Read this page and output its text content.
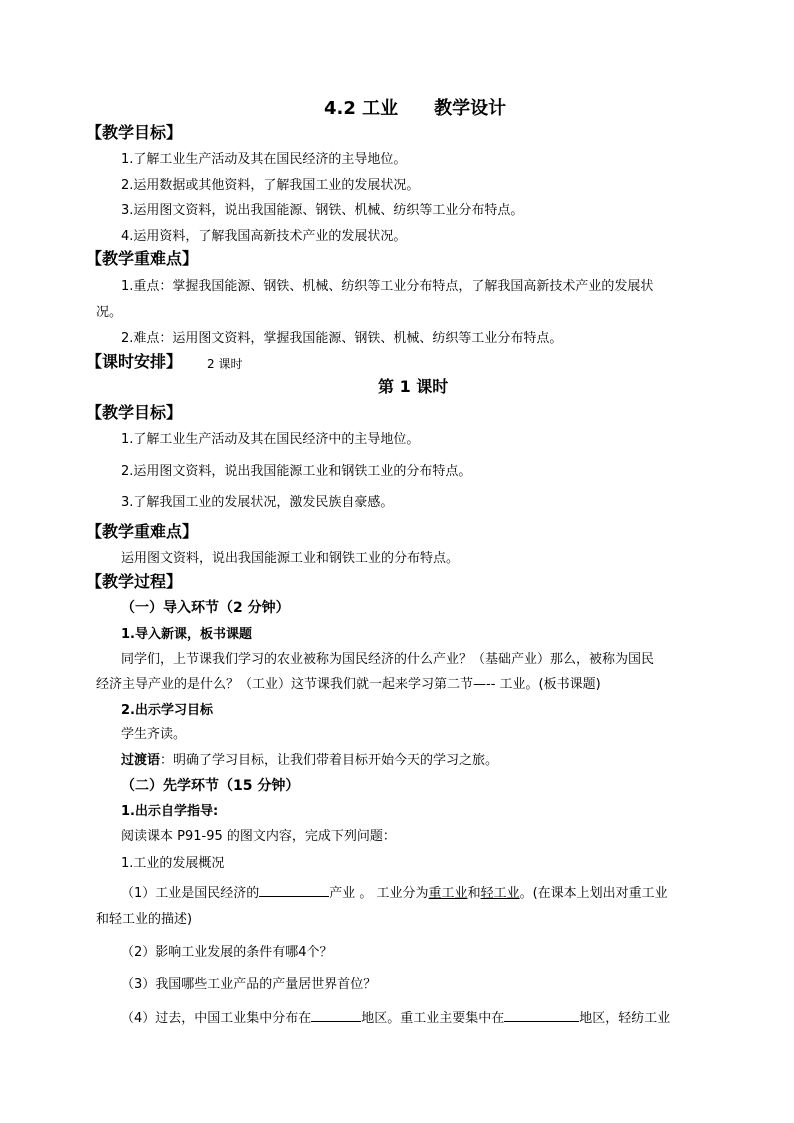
4.2 工业　　教学设计
【教学目标】
1.了解工业生产活动及其在国民经济的主导地位。
2.运用数据或其他资料，了解我国工业的发展状况。
3.运用图文资料，说出我国能源、钢铁、机械、纺织等工业分布特点。
4.运用资料，了解我国高新技术产业的发展状况。
【教学重难点】
1.重点：掌握我国能源、钢铁、机械、纺织等工业分布特点，了解我国高新技术产业的发展状
况。
2.难点：运用图文资料，掌握我国能源、钢铁、机械、纺织等工业分布特点。
【课时安排】 2 课时
第 1 课时
【教学目标】
1.了解工业生产活动及其在国民经济中的主导地位。
2.运用图文资料，说出我国能源工业和钢铁工业的分布特点。
3.了解我国工业的发展状况，激发民族自豪感。
【教学重难点】
运用图文资料，说出我国能源工业和钢铁工业的分布特点。
【教学过程】
（一）导入环节（2 分钟）
1.导入新课，板书课题
同学们，上节课我们学习的农业被称为国民经济的什么产业？（基础产业）那么，被称为国民
经济主导产业的是什么？（工业）这节课我们就一起来学习第二节—-- 工业。(板书课题)
2.出示学习目标
学生齐读。
过渡语：明确了学习目标，让我们带着目标开始今天的学习之旅。
（二）先学环节（15 分钟）
1.出示自学指导:
阅读课本 P91-95 的图文内容，完成下列问题：
1.工业的发展概况
（1）工业是国民经济的	产业 。 工业分为重工业和轻工业。(在课本上划出对重工业
和轻工业的描述)
（2）影响工业发展的条件有哪4个？
（3）我国哪些工业产品的产量居世界首位？
（4）过去，中国工业集中分布在	地区。重工业主要集中在	地区，轻纺工业
